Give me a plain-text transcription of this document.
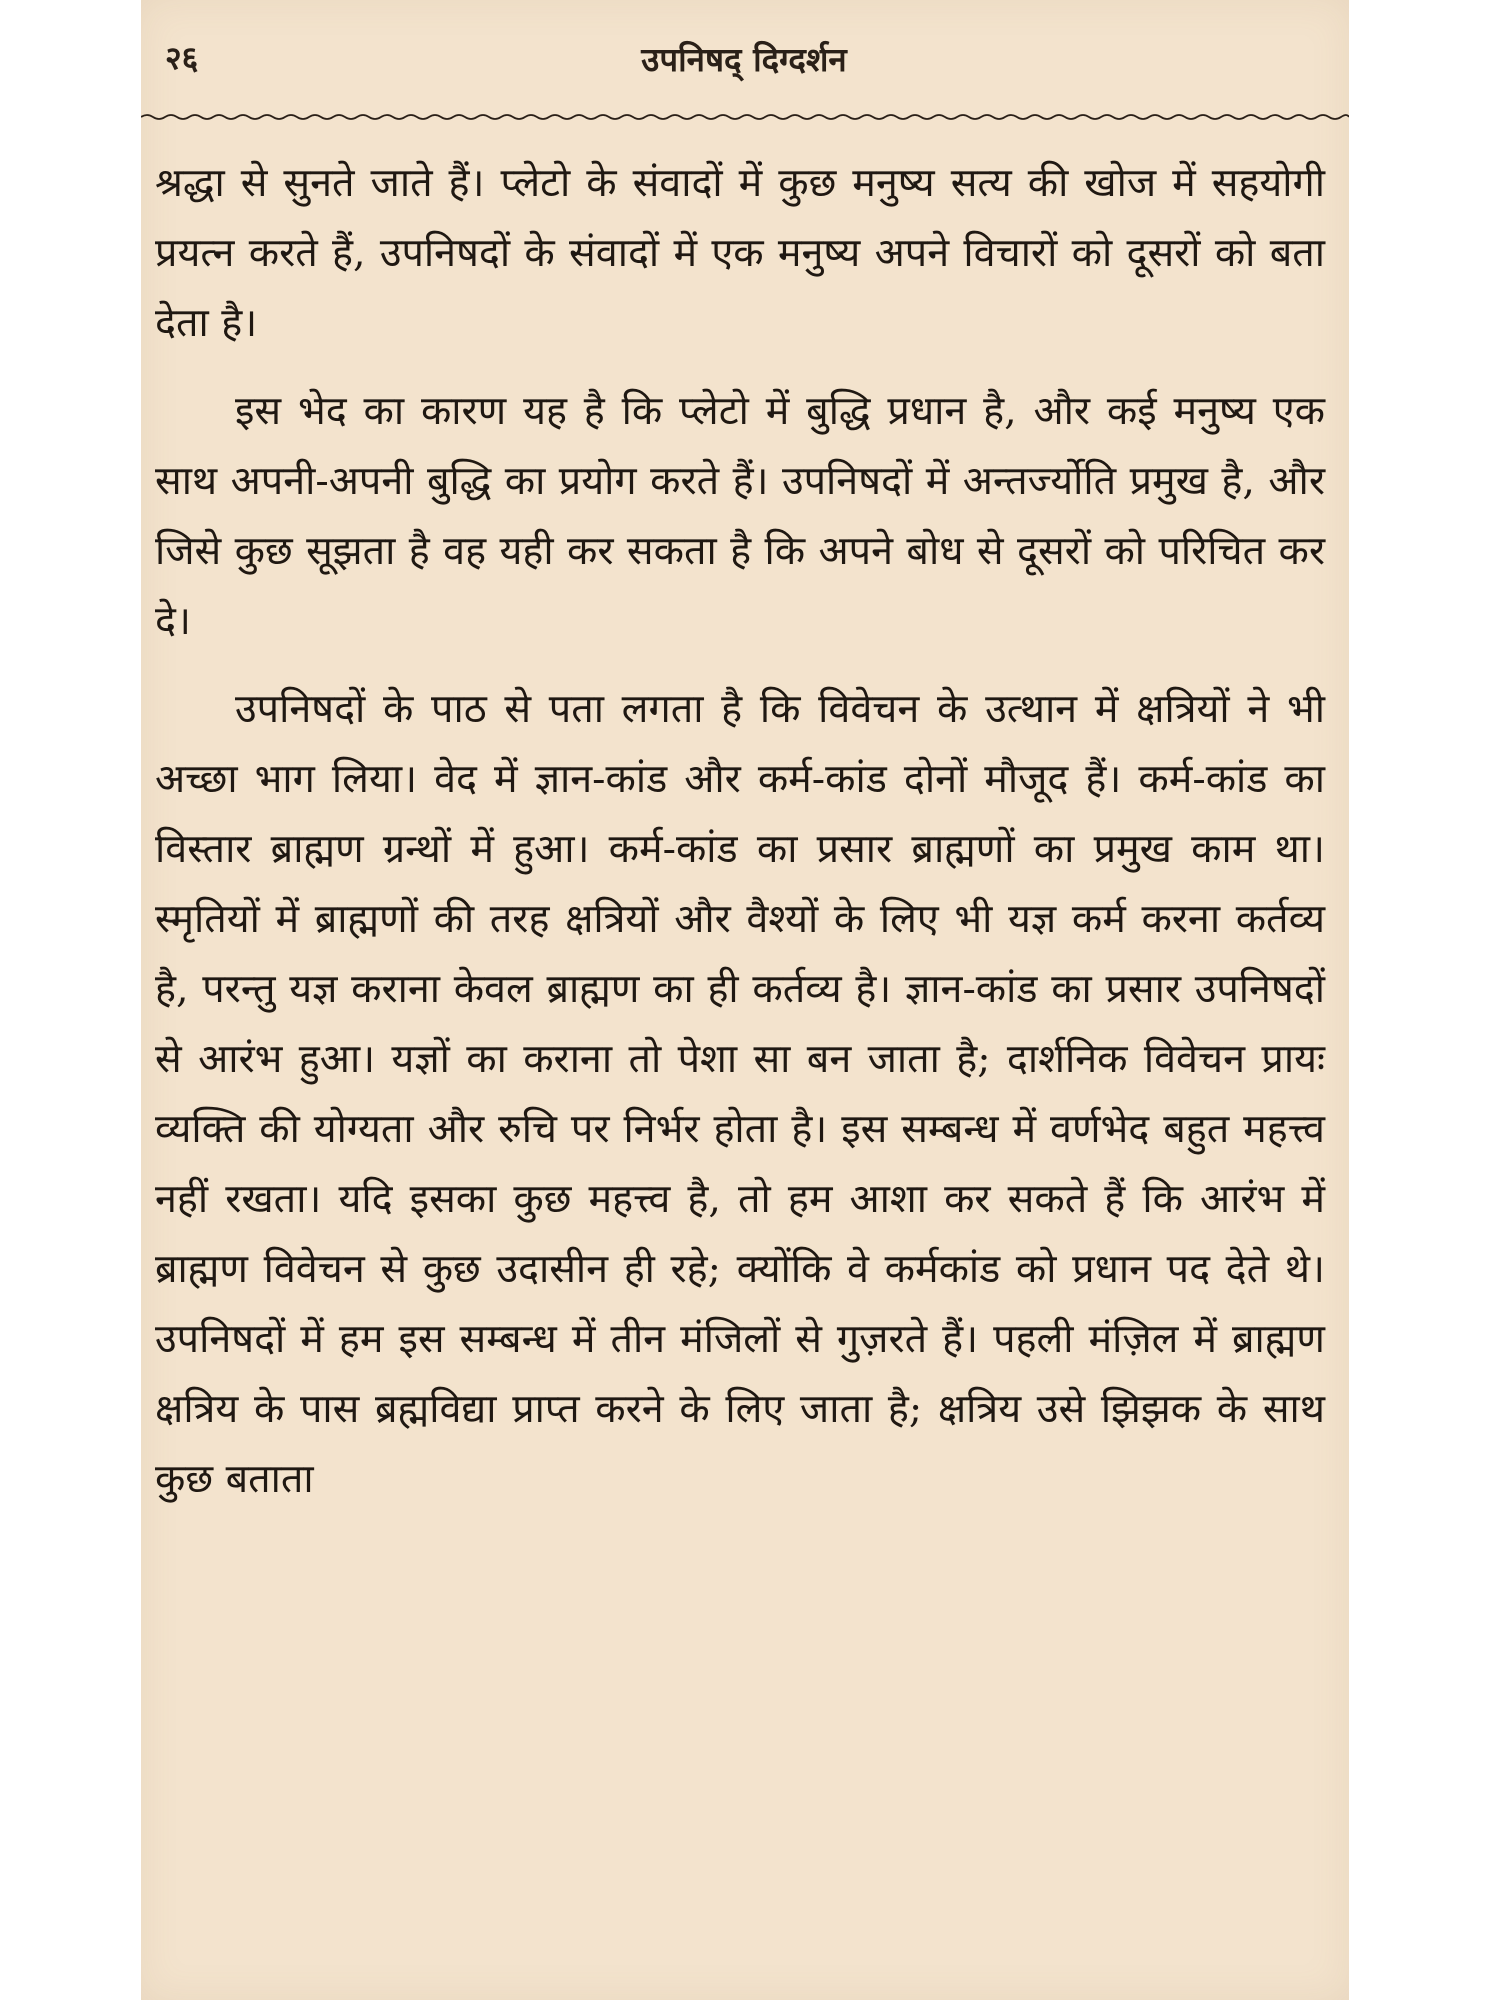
२६	उपनिषद् दिग्दर्शन

श्रद्धा से सुनते जाते हैं। प्लेटो के संवादों में कुछ मनुष्य सत्य की खोज में सहयोगी प्रयत्न करते हैं, उपनिषदों के संवादों में एक मनुष्य अपने विचारों को दूसरों को बता देता है।

इस भेद का कारण यह है कि प्लेटो में बुद्धि प्रधान है, और कई मनुष्य एक साथ अपनी-अपनी बुद्धि का प्रयोग करते हैं। उपनिषदों में अन्तर्ज्योति प्रमुख है, और जिसे कुछ सूझता है वह यही कर सकता है कि अपने बोध से दूसरों को परिचित कर दे।

उपनिषदों के पाठ से पता लगता है कि विवेचन के उत्थान में क्षत्रियों ने भी अच्छा भाग लिया। वेद में ज्ञान-कांड और कर्म-कांड दोनों मौजूद हैं। कर्म-कांड का विस्तार ब्राह्मण ग्रन्थों में हुआ। कर्म-कांड का प्रसार ब्राह्मणों का प्रमुख काम था। स्मृतियों में ब्राह्मणों की तरह क्षत्रियों और वैश्यों के लिए भी यज्ञ कर्म करना कर्तव्य है, परन्तु यज्ञ कराना केवल ब्राह्मण का ही कर्तव्य है। ज्ञान-कांड का प्रसार उपनिषदों से आरंभ हुआ। यज्ञों का कराना तो पेशा सा बन जाता है; दार्शनिक विवेचन प्रायः व्यक्ति की योग्यता और रुचि पर निर्भर होता है। इस सम्बन्ध में वर्णभेद बहुत महत्त्व नहीं रखता। यदि इसका कुछ महत्त्व है, तो हम आशा कर सकते हैं कि आरंभ में ब्राह्मण विवेचन से कुछ उदासीन ही रहे; क्योंकि वे कर्मकांड को प्रधान पद देते थे। उपनिषदों में हम इस सम्बन्ध में तीन मंजिलों से गुज़रते हैं। पहली मंज़िल में ब्राह्मण क्षत्रिय के पास ब्रह्मविद्या प्राप्त करने के लिए जाता है; क्षत्रिय उसे झिझक के साथ कुछ बताता
